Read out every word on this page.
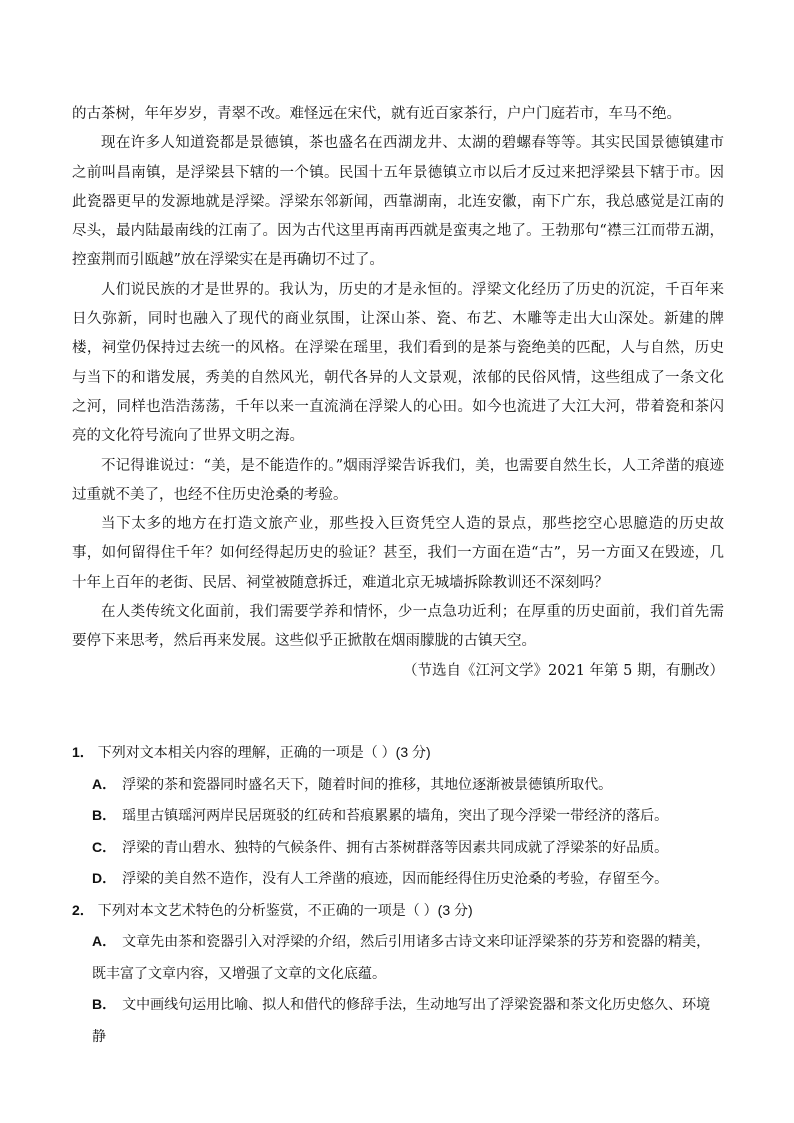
的古茶树，年年岁岁，青翠不改。难怪远在宋代，就有近百家茶行，户户门庭若市，车马不绝。

现在许多人知道瓷都是景德镇，茶也盛名在西湖龙井、太湖的碧螺春等等。其实民国景德镇建市之前叫昌南镇，是浮梁县下辖的一个镇。民国十五年景德镇立市以后才反过来把浮梁县下辖于市。因此瓷器更早的发源地就是浮梁。浮梁东邻新闻，西靠湖南，北连安徽，南下广东，我总感觉是江南的尽头，最内陆最南线的江南了。因为古代这里再南再西就是蛮夷之地了。王勃那句“襟三江而带五湖，控蛮荆而引瓯越”放在浮梁实在是再确切不过了。

人们说民族的才是世界的。我认为，历史的才是永恒的。浮梁文化经历了历史的沉淀，千百年来日久弥新，同时也融入了现代的商业氛围，让深山茶、瓷、布艺、木雕等走出大山深处。新建的牌楼，祠堂仍保持过去统一的风格。在浮梁在瑶里，我们看到的是茶与瓷绝美的匹配，人与自然，历史与当下的和谐发展，秀美的自然风光，朝代各异的人文景观，浓郁的民俗风情，这些组成了一条文化之河，同样也浩浩荡荡，千年以来一直流淌在浮梁人的心田。如今也流进了大江大河，带着瓷和茶闪亮的文化符号流向了世界文明之海。

不记得谁说过：“美，是不能造作的。”烟雨浮梁告诉我们，美，也需要自然生长，人工斧凿的痕迹过重就不美了，也经不住历史沧桑的考验。

当下太多的地方在打造文旅产业，那些投入巨资凭空人造的景点，那些挖空心思臆造的历史故事，如何留得住千年？如何经得起历史的验证？甚至，我们一方面在造“古”，另一方面又在毁迹，几十年上百年的老街、民居、祠堂被随意拆迁，难道北京无城墙拆除教训还不深刻吗？

在人类传统文化面前，我们需要学养和情怀，少一点急功近利；在厚重的历史面前，我们首先需要停下来思考，然后再来发展。这些似乎正掀散在烟雨朦胧的古镇天空。

（节选自《江河文学》2021 年第 5 期，有删改）

1． 下列对文本相关内容的理解，正确的一项是（ ）(3 分)

A． 浮梁的茶和瓷器同时盛名天下，随着时间的推移，其地位逐渐被景德镇所取代。

B． 瑶里古镇瑶河两岸民居斑驳的红砖和苔痕累累的墙角，突出了现今浮梁一带经济的落后。

C． 浮梁的青山碧水、独特的气候条件、拥有古茶树群落等因素共同成就了浮梁茶的好品质。

D． 浮梁的美自然不造作，没有人工斧凿的痕迹，因而能经得住历史沧桑的考验，存留至今。

2． 下列对本文艺术特色的分析鉴赏，不正确的一项是（ ）(3 分)

A． 文章先由茶和瓷器引入对浮梁的介绍，然后引用诸多古诗文来印证浮梁茶的芬芳和瓷器的精美，既丰富了文章内容，又增强了文章的文化底蕴。

B． 文中画线句运用比喻、拟人和借代的修辞手法，生动地写出了浮梁瓷器和茶文化历史悠久、环境静
